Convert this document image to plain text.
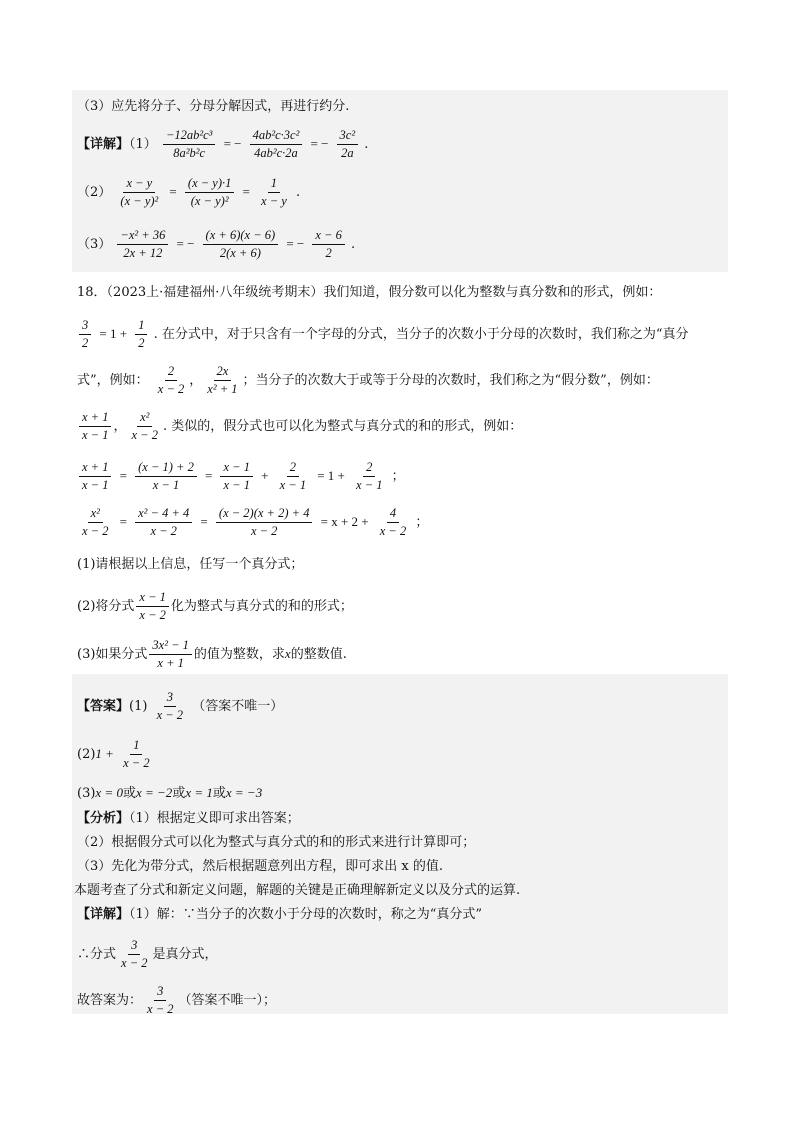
（3）应先将分子、分母分解因式，再进行约分.
【详解】$(1) \frac{\text{−12ab²c³}}{\text{8a²b²c}}$ = − $\frac{\text{4ab²c·3c²}}{\text{4ab²c·2a}}$ = − $\frac{\text{3c²}}{2a}$ .
$(2) \frac{x - y}{\text{(x − y)²}} = \frac{(x - y)\cdot 1}{\text{(x − y)²}} = \frac{1}{x - y}$ .
$(3) \frac{\text{−x² + 36}}{2x + 12}$ = − $\frac{(x + 6)(x - 6)}{2(x + 6)}$ = − $\frac{x - 6}{2}$ .
18．（2023上·福建福州·八年级统考期末）我们知道，假分数可以化为整数与真分数和的形式，例如：
$\frac{3}{2} = 1 + \frac{1}{2}$ . 在分式中，对于只含有一个字母的分式，当分子的次数小于分母的次数时，我们称之为“真分
式”，例如： $\frac{2}{x - 2}$ ， $\frac{2x}{\text{x² + 1}}$ ；当分子的次数大于或等于分母的次数时，我们称之为“假分数”，例如：
$\frac{x + 1}{x - 1}$ ， $\frac{\text{x²}}{x - 2}$ . 类似的，假分式也可以化为整式与真分式的和的形式，例如：
$\frac{x + 1}{x - 1} = \frac{(x - 1) + 2}{x - 1} = \frac{x - 1}{x - 1} + \frac{2}{x - 1} = 1 + \frac{2}{x - 1}$ ；
$\frac{\text{x²}}{x - 2} = \frac{\text{x² − 4 + 4}}{x - 2} = \frac{(x - 2)(x + 2) + 4}{x - 2} = x + 2 + \frac{4}{x - 2}$ ；
(1)请根据以上信息，任写一个真分式；
(2)将分式 $\frac{x - 1}{x - 2}$ 化为整式与真分式的和的形式；
(3)如果分式 $\frac{\text{3x² − 1}}{x + 1}$ 的值为整数，求x的整数值.
【答案】$(1) \frac{3}{x - 2}$ （答案不唯一）
$(2)1 + \frac{1}{x - 2}$
(3)x = 0或x = −2或x = 1或x = −3
【分析】（1）根据定义即可求出答案；
（2）根据假分式可以化为整式与真分式的和的形式来进行计算即可；
（3）先化为带分式，然后根据题意列出方程，即可求出 x 的值.
本题考查了分式和新定义问题，解题的关键是正确理解新定义以及分式的运算.
【详解】（1）解：∵当分子的次数小于分母的次数时，称之为“真分式”
∴分式 $\frac{3}{x - 2}$ 是真分式，
故答案为： $\frac{3}{x - 2}$ （答案不唯一）；
